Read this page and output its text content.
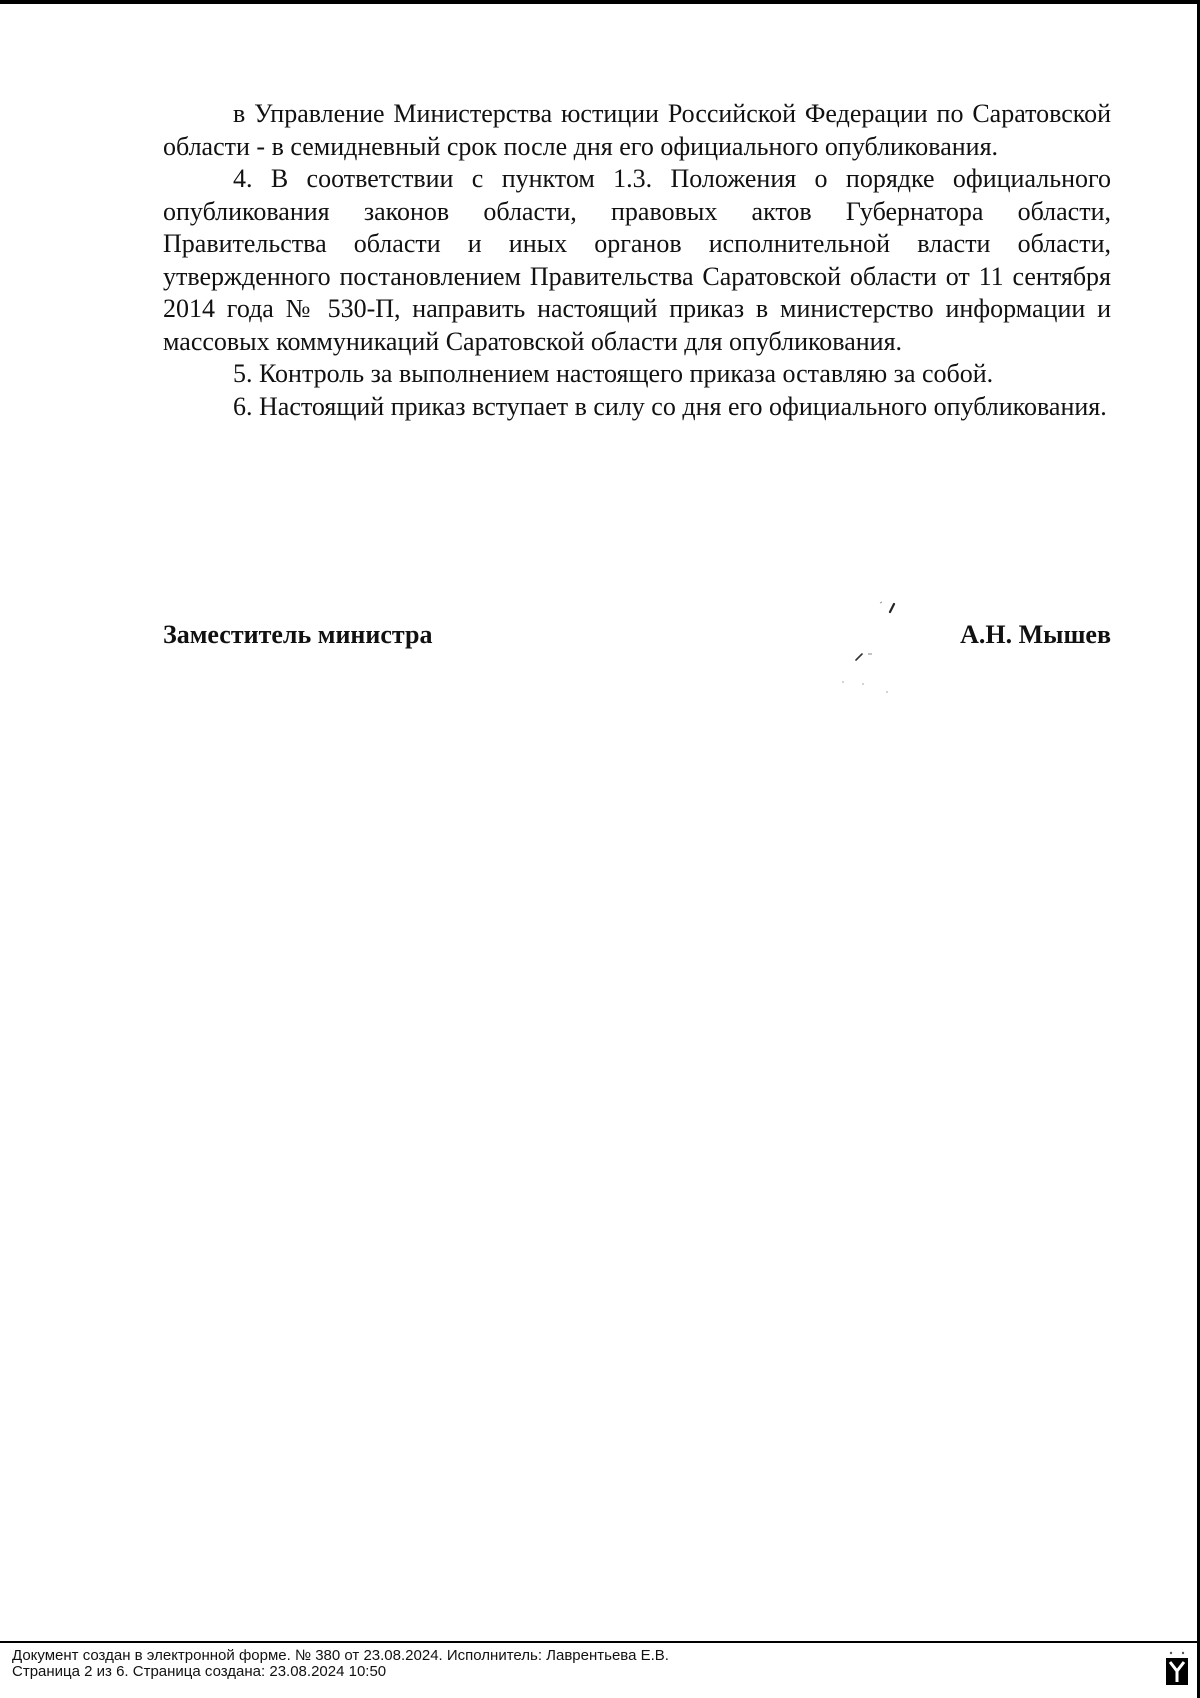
в Управление Министерства юстиции Российской Федерации по Саратовской области - в семидневный срок после дня его официального опубликования.

4. В соответствии с пунктом 1.3. Положения о порядке официального опубликования законов области, правовых актов Губернатора области, Правительства области и иных органов исполнительной власти области, утвержденного постановлением Правительства Саратовской области от 11 сентября 2014 года № 530-П, направить настоящий приказ в министерство информации и массовых коммуникаций Саратовской области для опубликования.

5. Контроль за выполнением настоящего приказа оставляю за собой.

6. Настоящий приказ вступает в силу со дня его официального опубликования.

Заместитель министра	А.Н. Мышев
Документ создан в электронной форме. № 380 от 23.08.2024. Исполнитель: Лаврентьева Е.В.
Страница 2 из 6. Страница создана: 23.08.2024 10:50
